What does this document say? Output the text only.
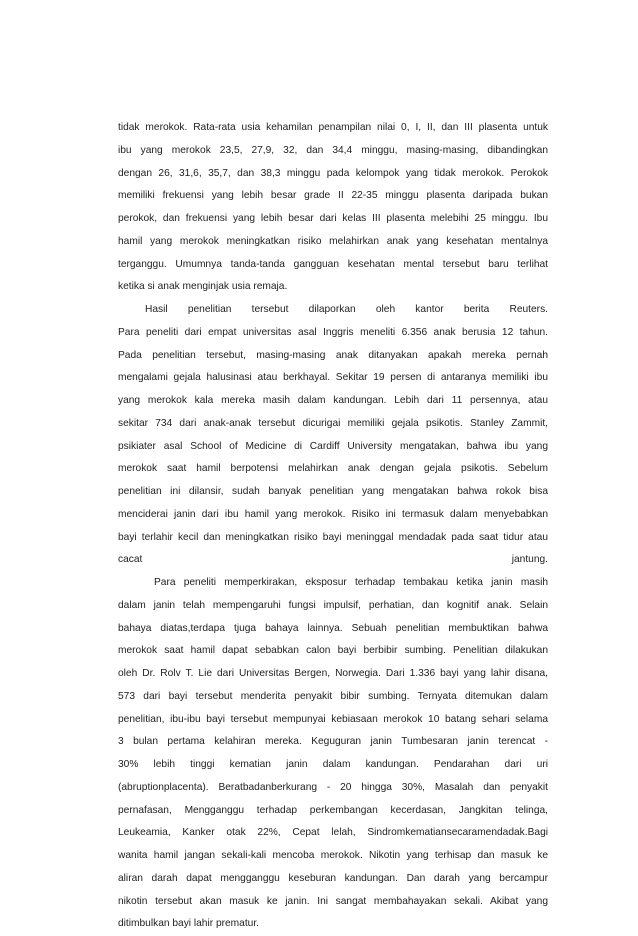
tidak merokok. Rata-rata usia kehamilan penampilan nilai 0, I, II, dan III plasenta untuk
ibu yang merokok 23,5, 27,9, 32, dan 34,4 minggu, masing-masing, dibandingkan
dengan 26, 31,6, 35,7, dan 38,3 minggu pada kelompok yang tidak merokok. Perokok
memiliki frekuensi yang lebih besar grade II 22-35 minggu plasenta daripada bukan
perokok, dan frekuensi yang lebih besar dari kelas III plasenta melebihi 25 minggu. Ibu
hamil yang merokok meningkatkan risiko melahirkan anak yang kesehatan mentalnya
terganggu. Umumnya tanda-tanda gangguan kesehatan mental tersebut baru terlihat
ketika si anak menginjak usia remaja.
Hasil penelitian tersebut dilaporkan oleh kantor berita Reuters.
Para peneliti dari empat universitas asal Inggris meneliti 6.356 anak berusia 12 tahun.
Pada penelitian tersebut, masing-masing anak ditanyakan apakah mereka pernah
mengalami gejala halusinasi atau berkhayal. Sekitar 19 persen di antaranya memiliki ibu
yang merokok kala mereka masih dalam kandungan. Lebih dari 11 persennya, atau
sekitar 734 dari anak-anak tersebut dicurigai memiliki gejala psikotis. Stanley Zammit,
psikiater asal School of Medicine di Cardiff University mengatakan, bahwa ibu yang
merokok saat hamil berpotensi melahirkan anak dengan gejala psikotis. Sebelum
penelitian ini dilansir, sudah banyak penelitian yang mengatakan bahwa rokok bisa
menciderai janin dari ibu hamil yang merokok. Risiko ini termasuk dalam menyebabkan
bayi terlahir kecil dan meningkatkan risiko bayi meninggal mendadak pada saat tidur atau
cacat jantung.
Para peneliti memperkirakan, eksposur terhadap tembakau ketika janin masih
dalam janin telah mempengaruhi fungsi impulsif, perhatian, dan kognitif anak. Selain
bahaya diatas,terdapa tjuga bahaya lainnya. Sebuah penelitian membuktikan bahwa
merokok saat hamil dapat sebabkan calon bayi berbibir sumbing. Penelitian dilakukan
oleh Dr. Rolv T. Lie dari Universitas Bergen, Norwegia. Dari 1.336 bayi yang lahir disana,
573 dari bayi tersebut menderita penyakit bibir sumbing. Ternyata ditemukan dalam
penelitian, ibu-ibu bayi tersebut mempunyai kebiasaan merokok 10 batang sehari selama
3 bulan pertama kelahiran mereka. Keguguran janin Tumbesaran janin terencat -
30% lebih tinggi kematian janin dalam kandungan. Pendarahan dari uri
(abruptionplacenta). Beratbadanberkurang - 20 hingga 30%, Masalah dan penyakit
pernafasan, Mengganggu terhadap perkembangan kecerdasan, Jangkitan telinga,
Leukeamia, Kanker otak 22%, Cepat lelah, Sindromkematiansecaramendadak.Bagi
wanita hamil jangan sekali-kali mencoba merokok. Nikotin yang terhisap dan masuk ke
aliran darah dapat mengganggu keseburan kandungan. Dan darah yang bercampur
nikotin tersebut akan masuk ke janin. Ini sangat membahayakan sekali. Akibat yang
ditimbulkan bayi lahir prematur.
